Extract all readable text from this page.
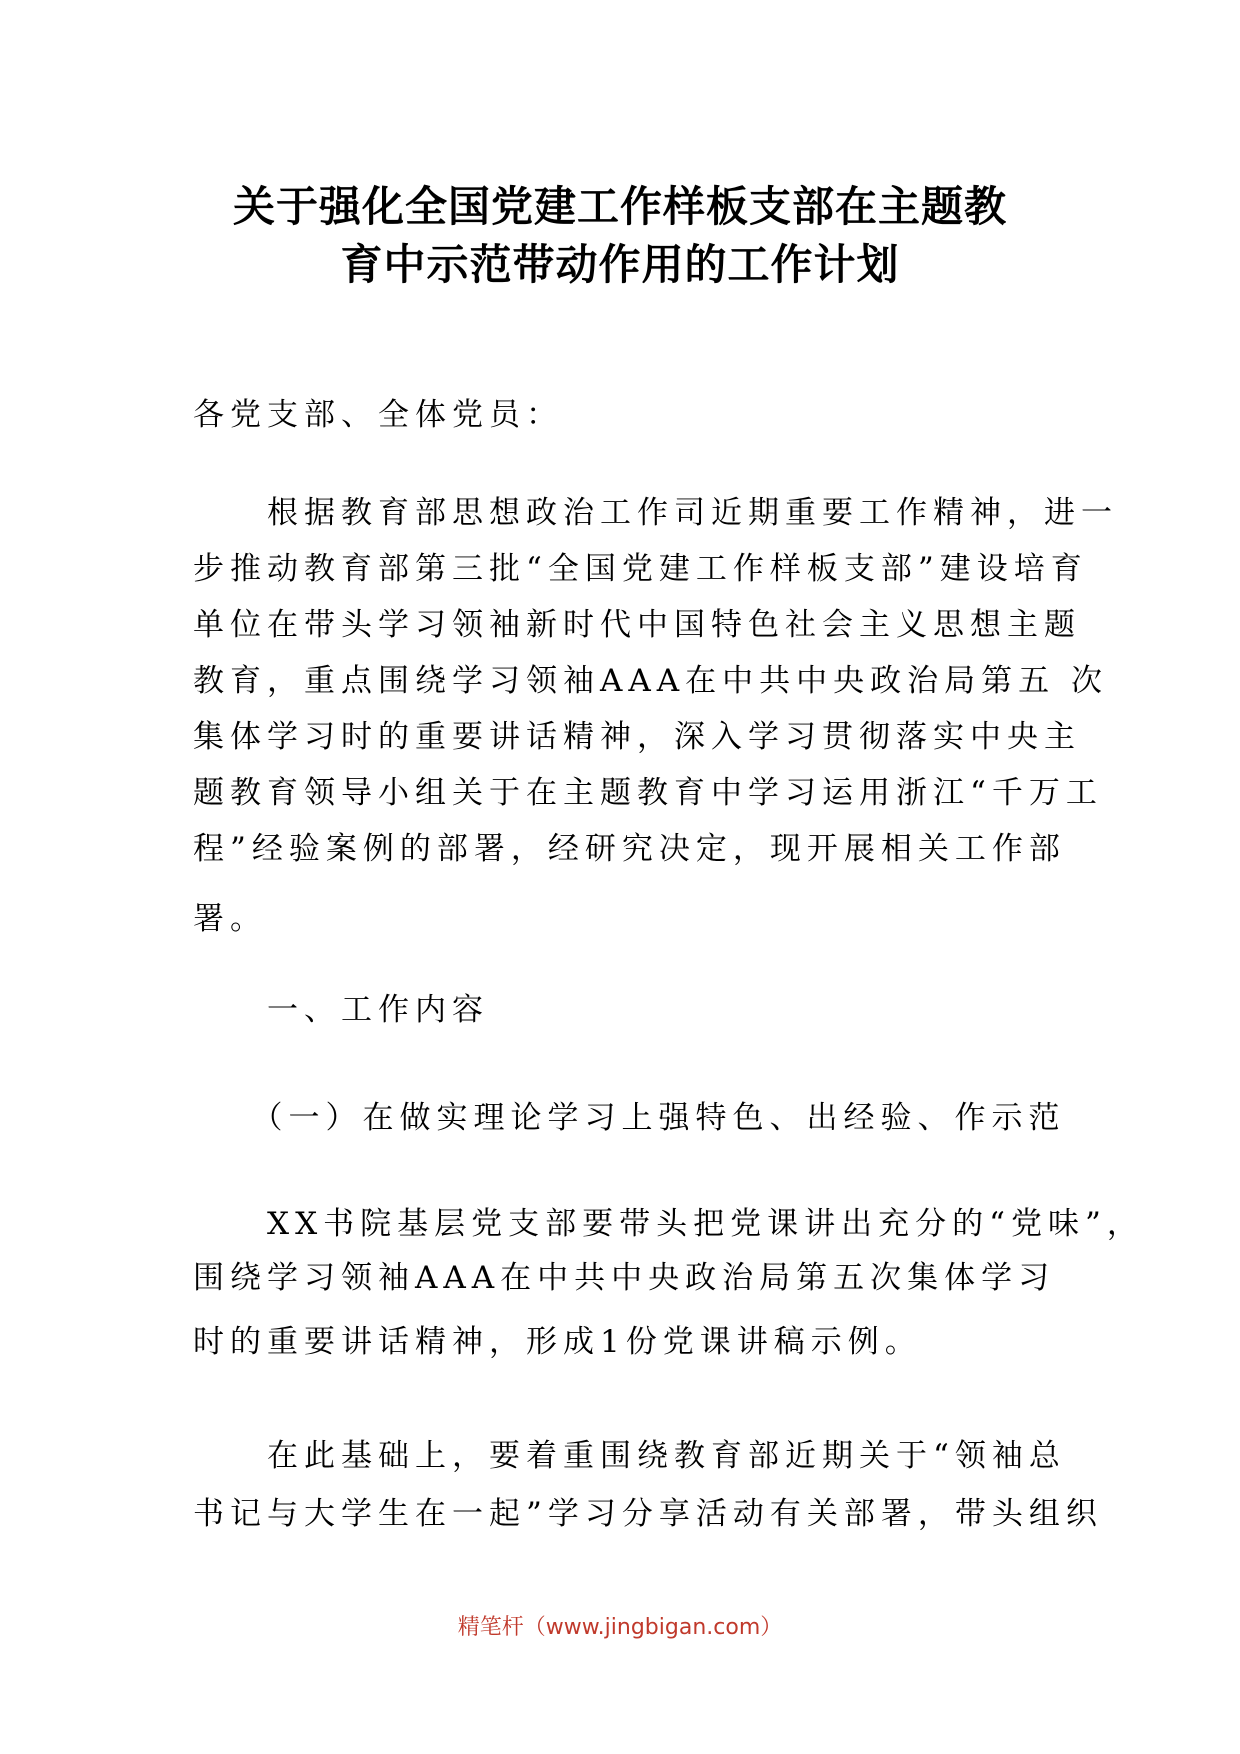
关于强化全国党建工作样板支部在主题教
育中示范带动作用的工作计划
各党支部、全体党员：
　　根据教育部思想政治工作司近期重要工作精神，进一
步推动教育部第三批“全国党建工作样板支部”建设培育
单位在带头学习领袖新时代中国特色社会主义思想主题
教育，重点围绕学习领袖AAA在中共中央政治局第五 次
集体学习时的重要讲话精神，深入学习贯彻落实中央主
题教育领导小组关于在主题教育中学习运用浙江“千万工
程”经验案例的部署，经研究决定，现开展相关工作部
署。
　　一、工作内容
　　（一）在做实理论学习上强特色、出经验、作示范
　　XX书院基层党支部要带头把党课讲出充分的“党味”，
围绕学习领袖AAA在中共中央政治局第五次集体学习
时的重要讲话精神，形成1份党课讲稿示例。
　　在此基础上，要着重围绕教育部近期关于“领袖总
书记与大学生在一起”学习分享活动有关部署，带头组织
精笔杆（www.jingbigan.com）
